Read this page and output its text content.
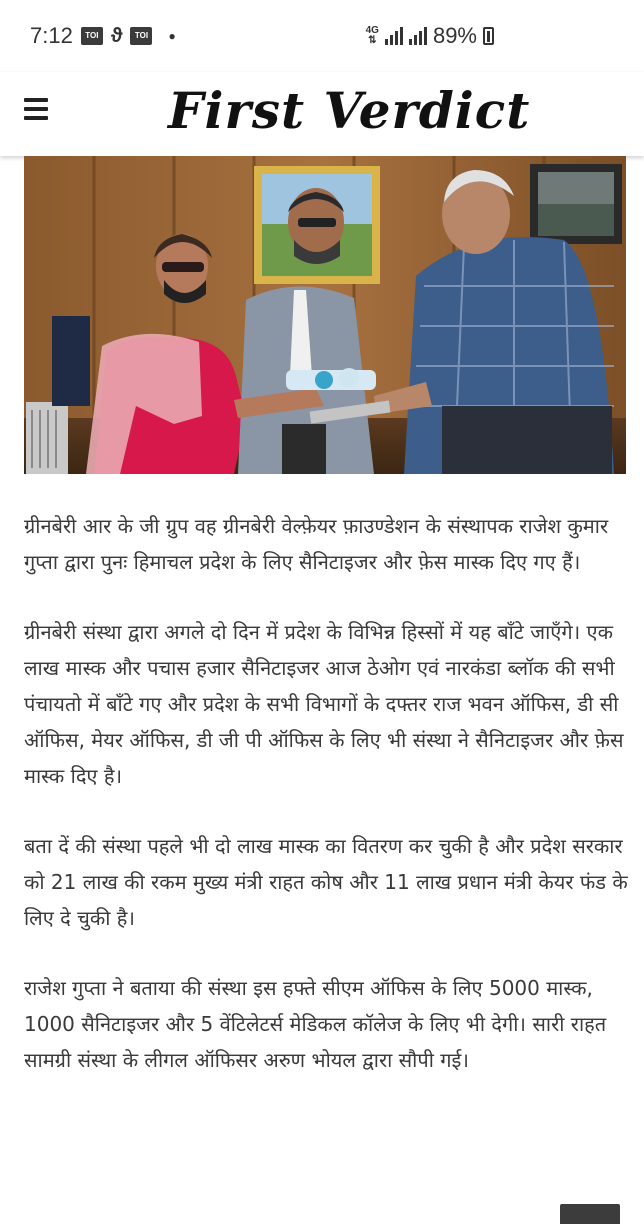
7:12	TOI ϑ	TOI	●	4G
⇅	89%
First Verdict

ग्रीनबेरी आर के जी ग्रुप वह ग्रीनबेरी वेल्फ़ेयर फ़ाउण्डेशन के संस्थापक राजेश कुमार गुप्ता द्वारा पुनः हिमाचल प्रदेश के लिए सैनिटाइजर और फ़ेस मास्क दिए गए हैं।

ग्रीनबेरी संस्था द्वारा अगले दो दिन में प्रदेश के विभिन्न हिस्सों में यह बाँटे जाएँगे। एक लाख मास्क और पचास हजार सैनिटाइजर आज ठेओग एवं नारकंडा ब्लॉक की सभी पंचायतो में बाँटे गए और प्रदेश के सभी विभागों के दफ्तर राज भवन ऑफिस, डी सी ऑफिस, मेयर ऑफिस, डी जी पी ऑफिस के लिए भी संस्था ने सैनिटाइजर और फ़ेस मास्क दिए है।

बता दें की संस्था पहले भी दो लाख मास्क का वितरण कर चुकी है और प्रदेश सरकार को 21 लाख की रकम मुख्य मंत्री राहत कोष और 11 लाख प्रधान मंत्री केयर फंड के लिए दे चुकी है।

राजेश गुप्ता ने बताया की संस्था इस हफ्ते सीएम ऑफिस के लिए 5000 मास्क, 1000 सैनिटाइजर और 5 वेंटिलेटर्स मेडिकल कॉलेज के लिए भी देगी। सारी राहत सामग्री संस्था के लीगल ऑफिसर अरुण भोयल द्वारा सौपी गई।
